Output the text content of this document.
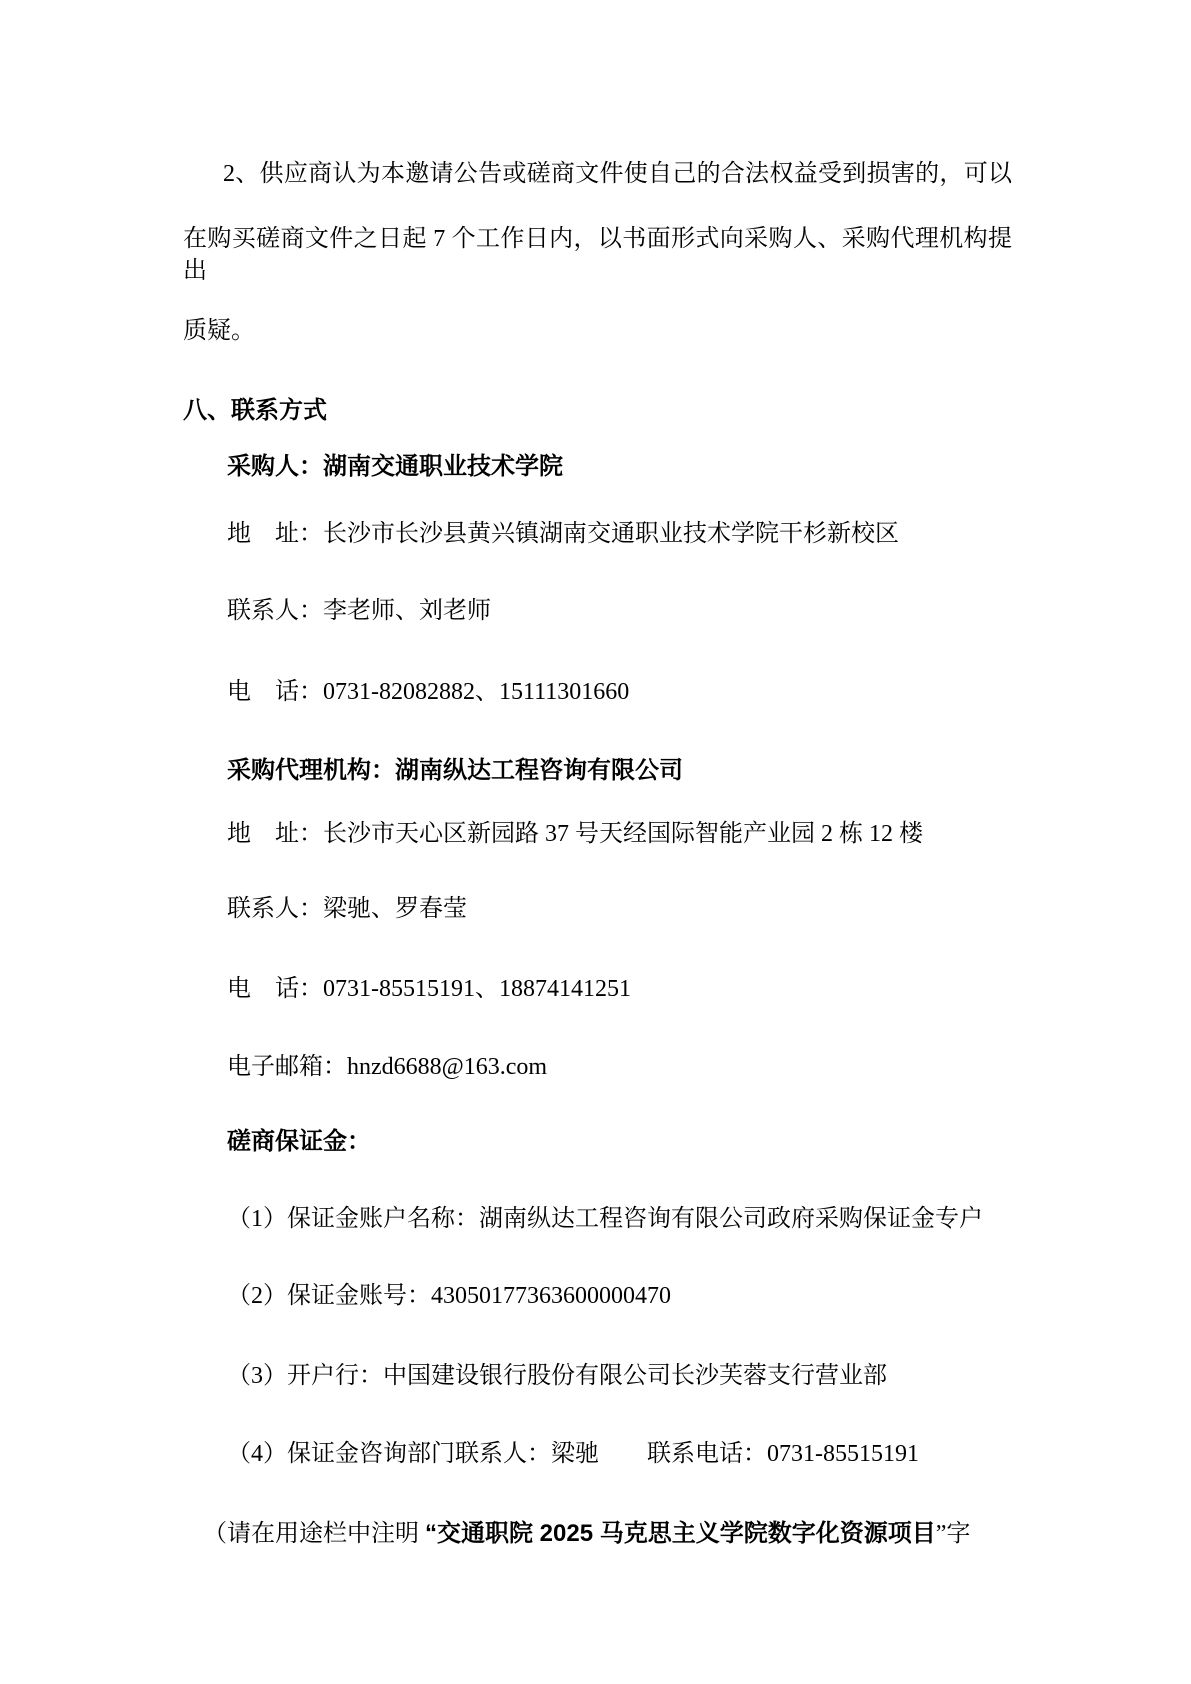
2、供应商认为本邀请公告或磋商文件使自己的合法权益受到损害的，可以
在购买磋商文件之日起 7 个工作日内，以书面形式向采购人、采购代理机构提出
质疑。
八、联系方式
采购人：湖南交通职业技术学院
地　址：长沙市长沙县黄兴镇湖南交通职业技术学院干杉新校区
联系人：李老师、刘老师
电　话：0731-82082882、15111301660
采购代理机构：湖南纵达工程咨询有限公司
地　址：长沙市天心区新园路 37 号天经国际智能产业园 2 栋 12 楼
联系人：梁驰、罗春莹
电　话：0731-85515191、18874141251
电子邮箱：hnzd6688@163.com
磋商保证金：
（1）保证金账户名称：湖南纵达工程咨询有限公司政府采购保证金专户
（2）保证金账号：43050177363600000470
（3）开户行：中国建设银行股份有限公司长沙芙蓉支行营业部
（4）保证金咨询部门联系人：梁驰　　联系电话：0731-85515191
（请在用途栏中注明 “交通职院 2025 马克思主义学院数字化资源项目”字
